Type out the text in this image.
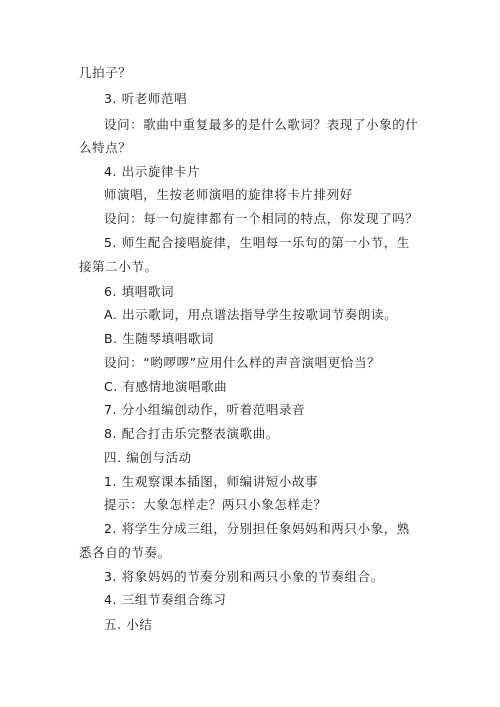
几拍子？
3. 听老师范唱
设问：歌曲中重复最多的是什么歌词？表现了小象的什
么特点？
4. 出示旋律卡片
师演唱，生按老师演唱的旋律将卡片排列好
设问：每一句旋律都有一个相同的特点，你发现了吗？
5. 师生配合接唱旋律，生唱每一乐句的第一小节，生
接第二小节。
6. 填唱歌词
A. 出示歌词，用点谱法指导学生按歌词节奏朗读。
B. 生随琴填唱歌词
设问：“哟啰啰”应用什么样的声音演唱更恰当？
C. 有感情地演唱歌曲
7. 分小组编创动作，听着范唱录音
8. 配合打击乐完整表演歌曲。
四. 编创与活动
1. 生观察课本插图，师编讲短小故事
提示：大象怎样走？两只小象怎样走？
2. 将学生分成三组，分别担任象妈妈和两只小象，熟
悉各自的节奏。
3. 将象妈妈的节奏分别和两只小象的节奏组合。
4. 三组节奏组合练习
五. 小结
